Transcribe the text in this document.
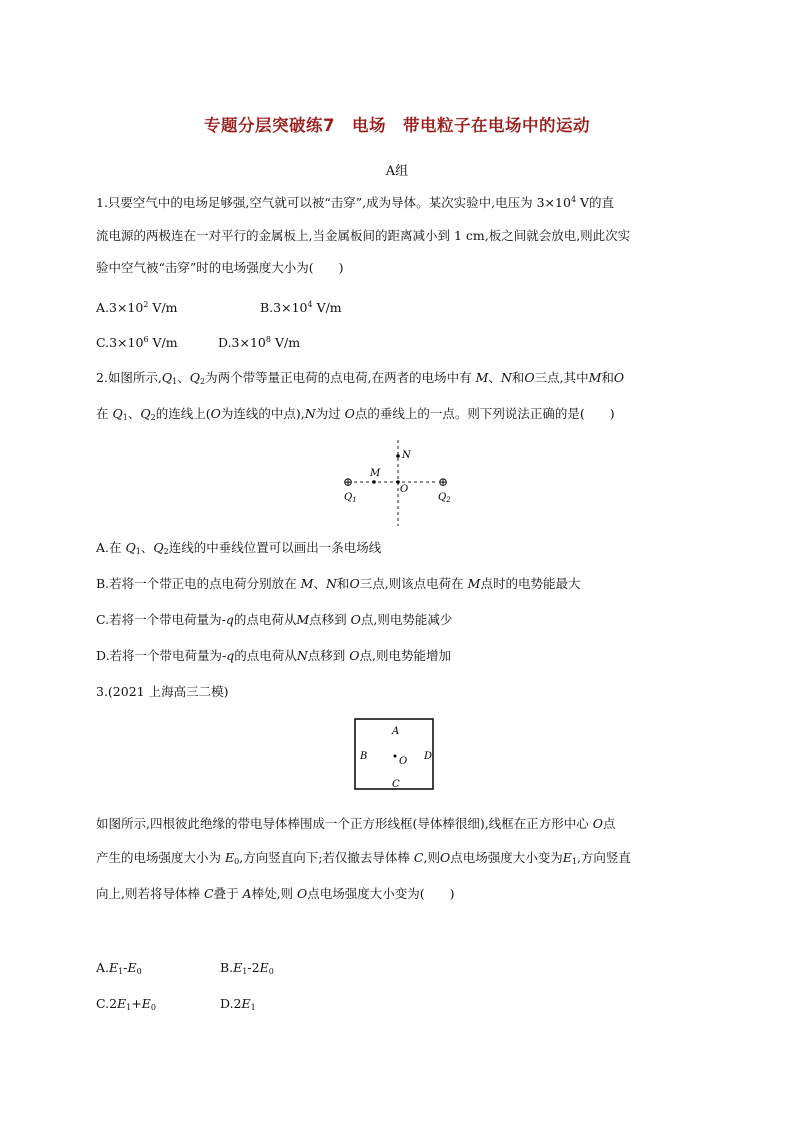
专题分层突破练7　电场　带电粒子在电场中的运动
A组
1.只要空气中的电场足够强,空气就可以被“击穿”,成为导体。某次实验中,电压为 $3\times 10^4$ V的直
流电源的两极连在一对平行的金属板上,当金属板间的距离减小到 1 cm,板之间就会放电,则此次实
验中空气被“击穿”时的电场强度大小为(　　)
$A.3\times 10^2$ V/m	$B.3\times 10^4$ V/m
$C.3\times 10^6$ V/m	$D.3\times 10^8$ V/m
2.如图所示$,Q_1$、$Q_2$为两个带等量正电荷的点电荷,在两者的电场中有 M、N和O三点,其中M和O
在 $Q_1$、$Q_2$的连线上(O为连线的中点),N为过 O点的垂线上的一点。则下列说法正确的是(　　)
⊕	⊕
M
N
O
$Q_1$	$Q_2$
A.在 $Q_1$、$Q_2$连线的中垂线位置可以画出一条电场线
B.若将一个带正电的点电荷分别放在 M、N和O三点,则该点电荷在 M点时的电势能最大
C.若将一个带电荷量为-q的点电荷从M点移到 O点,则电势能减少
D.若将一个带电荷量为-q的点电荷从N点移到 O点,则电势能增加
3.(2021 上海高三二模)
A
B	D
C
O
如图所示,四根彼此绝缘的带电导体棒围成一个正方形线框(导体棒很细),线框在正方形中心 O点
产生的电场强度大小为 $E_0$,方向竖直向下;若仅撤去导体棒 C,则O点电场强度大小变为$E_1$,方向竖直
向上,则若将导体棒 C叠于 A棒处,则 O点电场强度大小变为(　　)
$A.E_1-E_0$	$B.E_1-2E_0$
$C.2E_1+E_0$	$D.2E_1$
